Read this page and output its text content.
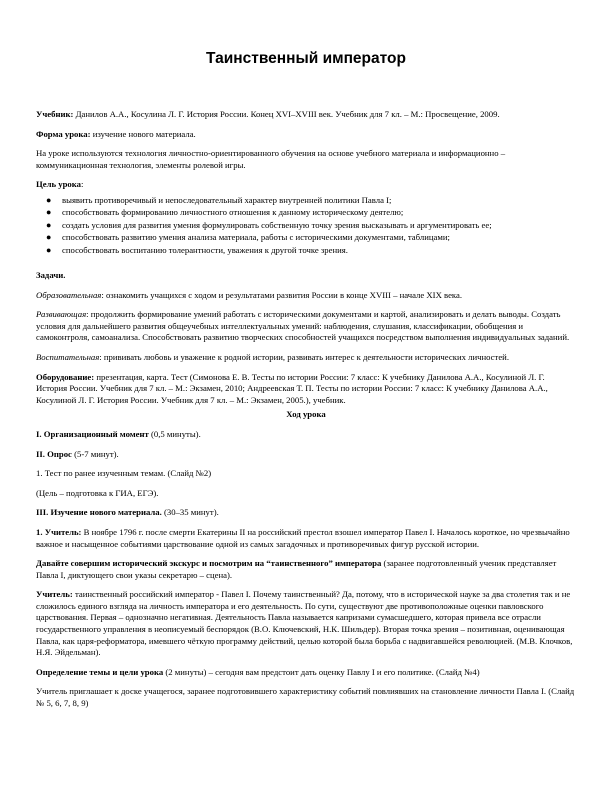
Таинственный император

Учебник: Данилов А.А., Косулина Л. Г. История России. Конец XVI–XVIII век. Учебник для 7 кл. – М.: Просвещение, 2009.

Форма урока: изучение нового материала.

На уроке используются технология личностно-ориентированного обучения на основе учебного материала и информационно – коммуникационная технология, элементы ролевой игры.

Цель урока:

● выявить противоречивый и непоследовательный характер внутренней политики Павла I;
● способствовать формированию личностного отношения к данному историческому деятелю;
● создать условия для развития умения формулировать собственную точку зрения высказывать и аргументировать ее;
● способствовать развитию умения анализа материала, работы с историческими документами, таблицами;
● способствовать воспитанию толерантности, уважения к другой точке зрения.

Задачи.

Образовательная: ознакомить учащихся с ходом и результатами развития России в конце XVIII – начале XIX века.

Развивающая: продолжить формирование умений работать с историческими документами и картой, анализировать и делать выводы. Создать условия для дальнейшего развития общеучебных интеллектуальных умений: наблюдения, слушания, классификации, обобщения и самоконтроля, самоанализа. Способствовать развитию творческих способностей учащихся посредством выполнения индивидуальных заданий.

Воспитательная: прививать любовь и уважение к родной истории, развивать интерес к деятельности исторических личностей.

Оборудование: презентация, карта. Тест (Симонова Е. В. Тесты по истории России: 7 класс: К учебнику Данилова А.А., Косулиной Л. Г. История России. Учебник для 7 кл. – М.: Экзамен, 2010; Андреевская Т. П. Тесты по истории России: 7 класс: К учебнику Данилова А.А., Косулиной Л. Г. История России. Учебник для 7 кл. – М.: Экзамен, 2005.), учебник.

Ход урока

I. Организационный момент (0,5 минуты).

II. Опрос (5-7 минут).

1. Тест по ранее изученным темам. (Слайд №2)

(Цель – подготовка к ГИА, ЕГЭ).

III. Изучение нового материала. (30–35 минут).

1. Учитель: В ноябре 1796 г. после смерти Екатерины II на российский престол взошел император Павел I. Началось короткое, но чрезвычайно важное и насыщенное событиями царствование одной из самых загадочных и противоречивых фигур русской истории.

Давайте совершим исторический экскурс и посмотрим на “таинственного” императора (заранее подготовленный ученик представляет Павла I, диктующего свои указы секретарю – сцена).

Учитель: таинственный российский император - Павел I. Почему таинственный? Да, потому, что в исторической науке за два столетия так и не сложилось единого взгляда на личность императора и его деятельность. По сути, существуют две противоположные оценки павловского царствования. Первая – однозначно негативная. Деятельность Павла называется капризами сумасшедшего, которая привела все отрасли государственного управления в неописуемый беспорядок (В.О. Ключевский, Н.К. Шильдер). Вторая точка зрения – позитивная, оценивающая Павла, как царя-реформатора, имевшего чёткую программу действий, целью которой была борьба с надвигавшейся революцией. (М.В. Клочков, Н.Я. Эйдельман).

Определение темы и цели урока (2 минуты) – сегодня вам предстоит дать оценку Павлу I и его политике. (Слайд №4)

Учитель приглашает к доске учащегося, заранее подготовившего характеристику событий повлиявших на становление личности Павла I. (Слайд № 5, 6, 7, 8, 9)
